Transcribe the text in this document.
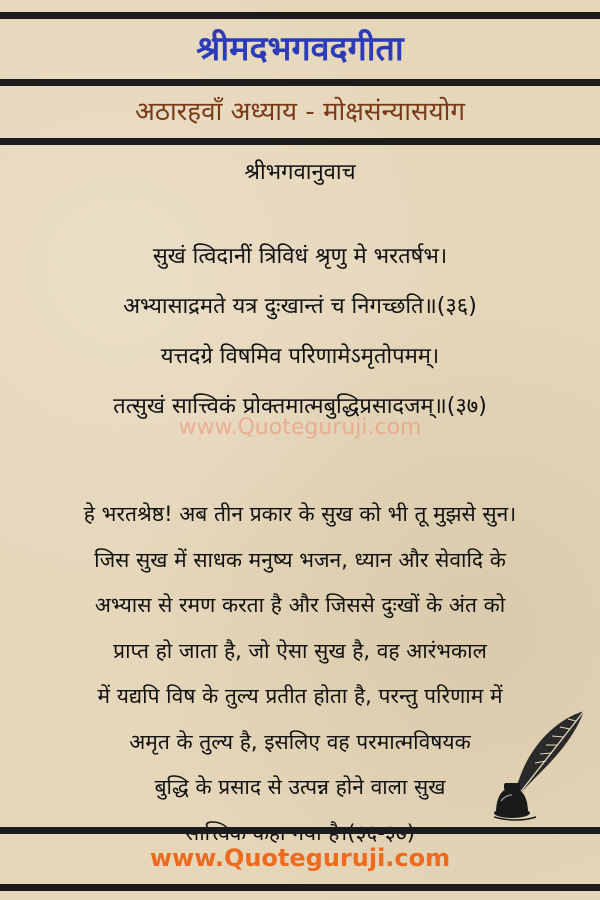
श्रीमदभगवदगीता
अठारहवाँ अध्याय - मोक्षसंन्यासयोग
श्रीभगवानुवाच
सुखं त्विदानीं त्रिविधं श्रृणु मे भरतर्षभ।
अभ्यासाद्रमते यत्र दुःखान्तं च निगच्छति॥(३६)
यत्तदग्रे विषमिव परिणामेऽमृतोपमम्।
तत्सुखं सात्त्विकं प्रोक्तमात्मबुद्धिप्रसादजम्॥(३७)
www.Quoteguruji.com
हे भरतश्रेष्ठ! अब तीन प्रकार के सुख को भी तू मुझसे सुन।
जिस सुख में साधक मनुष्य भजन, ध्यान और सेवादि के
अभ्यास से रमण करता है और जिससे दुःखों के अंत को
प्राप्त हो जाता है, जो ऐसा सुख है, वह आरंभकाल
में यद्यपि विष के तुल्य प्रतीत होता है, परन्तु परिणाम में
अमृत के तुल्य है, इसलिए वह परमात्मविषयक
बुद्धि के प्रसाद से उत्पन्न होने वाला सुख
www.Quoteguruji.com
